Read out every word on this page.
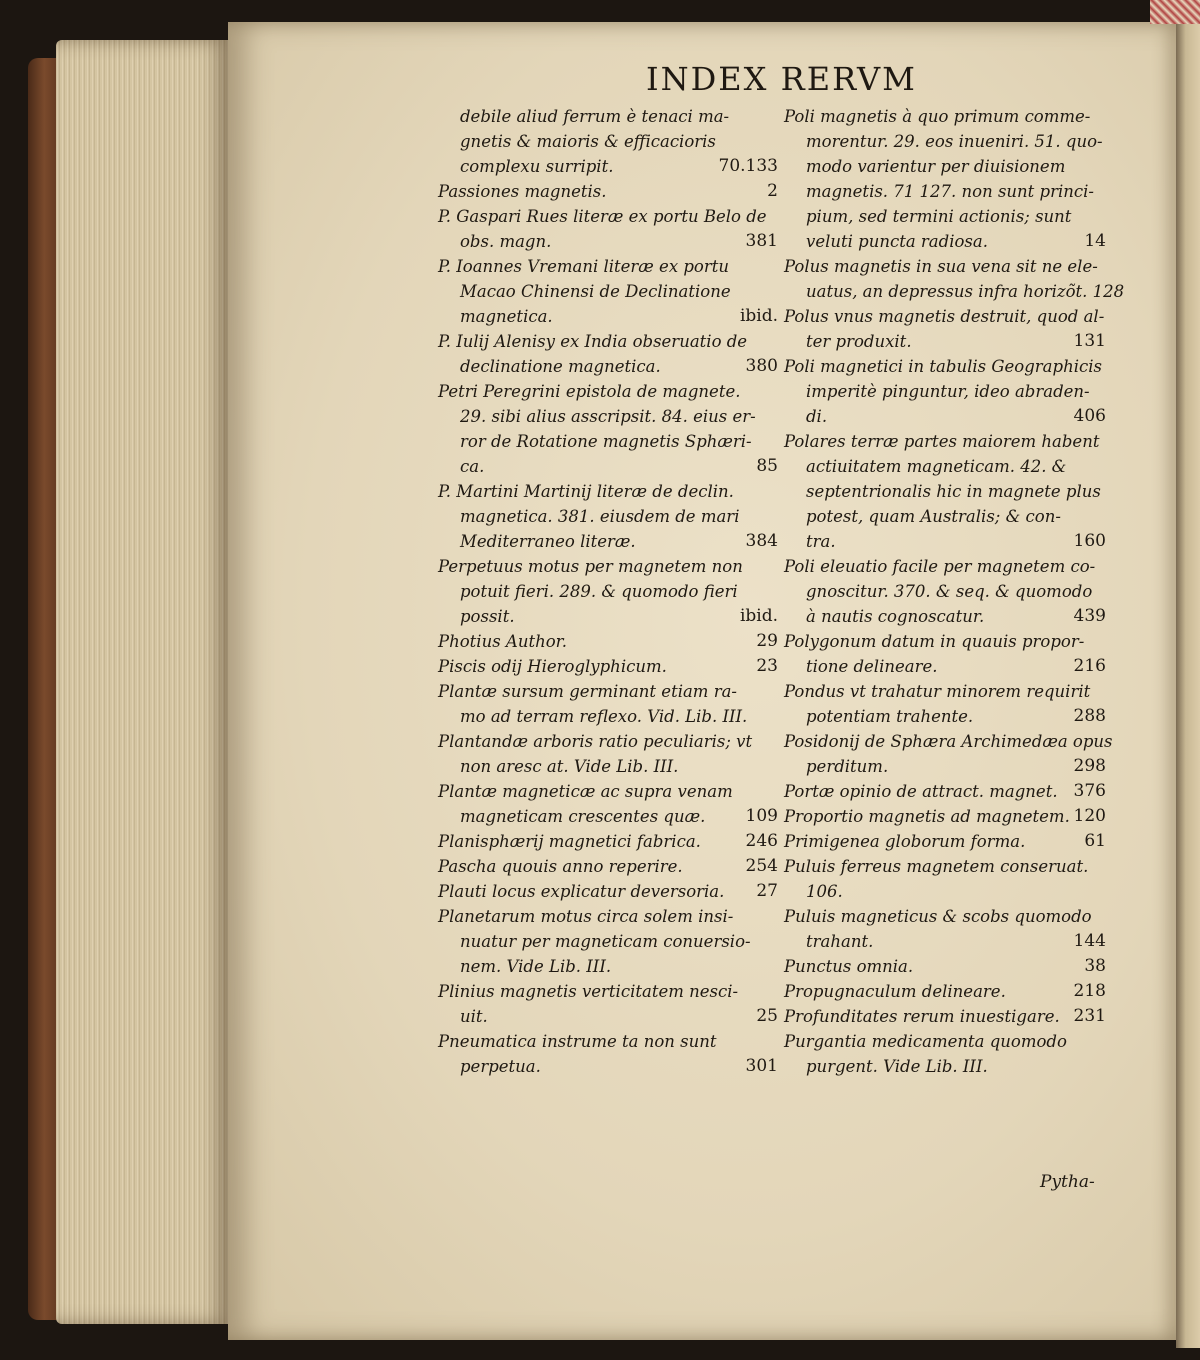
INDEX RERVM
debile aliud ferrum è tenaci ma-
gnetis & maioris & efficacioris
complexu surripit.	70.133
Passiones magnetis.	2
P. Gaspari Rues literæ ex portu Belo de
obs. magn.	381
P. Ioannes Vremani literæ ex portu
Macao Chinensi de Declinatione
magnetica.	ibid.
P. Iulij Alenisy ex India obseruatio de
declinatione magnetica.	380
Petri Peregrini epistola de magnete.
29. sibi alius asscripsit. 84. eius er-
ror de Rotatione magnetis Sphæri-
ca.	85
P. Martini Martinij literæ de declin.
magnetica. 381. eiusdem de mari
Mediterraneo literæ.	384
Perpetuus motus per magnetem non
potuit fieri. 289. & quomodo fieri
possit.	ibid.
Photius Author.	29
Piscis odij Hieroglyphicum.	23
Plantæ sursum germinant etiam ra-
mo ad terram reflexo. Vid. Lib. III.
Plantandæ arboris ratio peculiaris; vt
non aresc at. Vide Lib. III.
Plantæ magneticæ ac supra venam
magneticam crescentes quæ. 109
Planisphærij magnetici fabrica.	246
Pascha quouis anno reperire.	254
Plauti locus explicatur deversoria. 27
Planetarum motus circa solem insi-
nuatur per magneticam conuersio-
nem. Vide Lib. III.
Plinius magnetis verticitatem nesci-
uit.	25
Pneumatica instrume ta non sunt
perpetua.	301
Poli magnetis à quo primum comme-
morentur. 29. eos inueniri. 51. quo-
modo varientur per diuisionem
magnetis. 71 127. non sunt princi-
pium, sed termini actionis; sunt
veluti puncta radiosa.	14
Polus magnetis in sua vena sit ne ele-
uatus, an depressus infra horizõt. 128
Polus vnus magnetis destruit, quod al-
ter produxit.	131
Poli magnetici in tabulis Geographicis
imperitè pinguntur, ideo abraden-
di.	406
Polares terræ partes maiorem habent
actiuitatem magneticam. 42. &
septentrionalis hic in magnete plus
potest, quam Australis; & con-
tra.	160
Poli eleuatio facile per magnetem co-
gnoscitur. 370. & seq. & quomodo
à nautis cognoscatur.	439
Polygonum datum in quauis propor-
tione delineare.	216
Pondus vt trahatur minorem requirit
potentiam trahente.	288
Posidonij de Sphæra Archimedæa opus
perditum.	298
Portæ opinio de attract. magnet. 376
Proportio magnetis ad magnetem. 120
Primigenea globorum forma.	61
Puluis ferreus magnetem conseruat.
106.
Puluis magneticus & scobs quomodo
trahant.	144
Punctus omnia.	38
Propugnaculum delineare.	218
Profunditates rerum inuestigare. 231
Purgantia medicamenta quomodo
purgent. Vide Lib. III.
Pytha-
